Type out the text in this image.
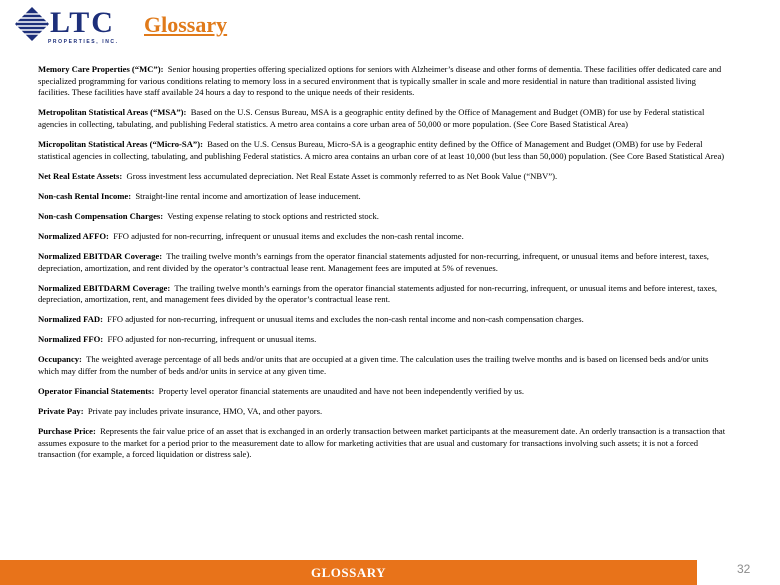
LTC
PROPERTIES, INC.
Glossary

Memory Care Properties (“MC”): Senior housing properties offering specialized options for seniors with Alzheimer’s disease and other forms of dementia. These facilities offer dedicated care and specialized programming for various conditions relating to memory loss in a secured environment that is typically smaller in scale and more residential in nature than traditional assisted living facilities. These facilities have staff available 24 hours a day to respond to the unique needs of their residents.

Metropolitan Statistical Areas (“MSA”): Based on the U.S. Census Bureau, MSA is a geographic entity defined by the Office of Management and Budget (OMB) for use by Federal statistical agencies in collecting, tabulating, and publishing Federal statistics. A metro area contains a core urban area of 50,000 or more population. (See Core Based Statistical Area)

Micropolitan Statistical Areas (“Micro-SA”): Based on the U.S. Census Bureau, Micro-SA is a geographic entity defined by the Office of Management and Budget (OMB) for use by Federal statistical agencies in collecting, tabulating, and publishing Federal statistics. A micro area contains an urban core of at least 10,000 (but less than 50,000) population. (See Core Based Statistical Area)

Net Real Estate Assets: Gross investment less accumulated depreciation. Net Real Estate Asset is commonly referred to as Net Book Value (“NBV”).

Non-cash Rental Income: Straight-line rental income and amortization of lease inducement.

Non-cash Compensation Charges: Vesting expense relating to stock options and restricted stock.

Normalized AFFO: FFO adjusted for non-recurring, infrequent or unusual items and excludes the non-cash rental income.

Normalized EBITDAR Coverage: The trailing twelve month’s earnings from the operator financial statements adjusted for non-recurring, infrequent, or unusual items and before interest, taxes, depreciation, amortization, and rent divided by the operator’s contractual lease rent. Management fees are imputed at 5% of revenues.

Normalized EBITDARM Coverage: The trailing twelve month’s earnings from the operator financial statements adjusted for non-recurring, infrequent, or unusual items and before interest, taxes, depreciation, amortization, rent, and management fees divided by the operator’s contractual lease rent.

Normalized FAD: FFO adjusted for non-recurring, infrequent or unusual items and excludes the non-cash rental income and non-cash compensation charges.

Normalized FFO: FFO adjusted for non-recurring, infrequent or unusual items.

Occupancy: The weighted average percentage of all beds and/or units that are occupied at a given time. The calculation uses the trailing twelve months and is based on licensed beds and/or units which may differ from the number of beds and/or units in service at any given time.

Operator Financial Statements: Property level operator financial statements are unaudited and have not been independently verified by us.

Private Pay: Private pay includes private insurance, HMO, VA, and other payors.

Purchase Price: Represents the fair value price of an asset that is exchanged in an orderly transaction between market participants at the measurement date. An orderly transaction is a transaction that assumes exposure to the market for a period prior to the measurement date to allow for marketing activities that are usual and customary for transactions involving such assets; it is not a forced transaction (for example, a forced liquidation or distress sale).

GLOSSARY	32
